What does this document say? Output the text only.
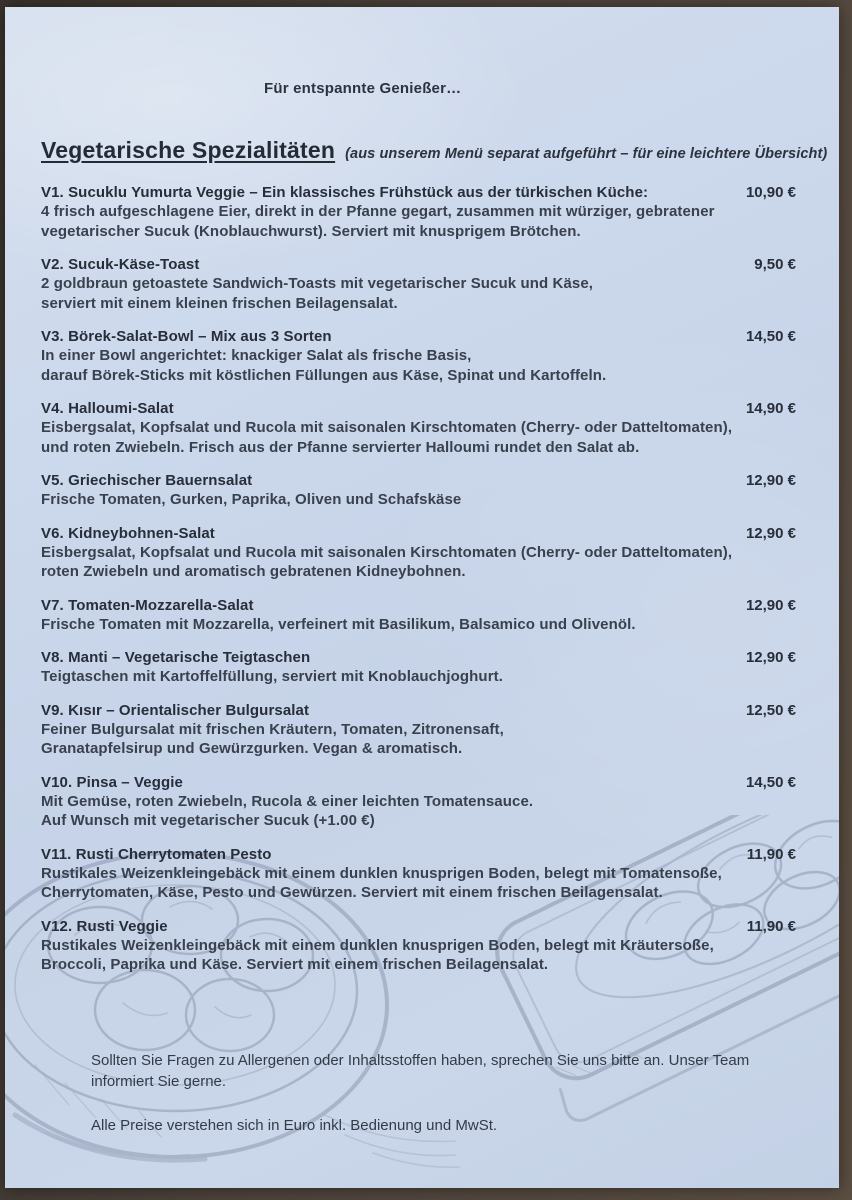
Für entspannte Genießer…
Vegetarische Spezialitäten (aus unserem Menü separat aufgeführt – für eine leichtere Übersicht)
V1. Sucuklu Yumurta Veggie – Ein klassisches Frühstück aus der türkischen Küche:	10,90 €
4 frisch aufgeschlagene Eier, direkt in der Pfanne gegart, zusammen mit würziger, gebratener
vegetarischer Sucuk (Knoblauchwurst). Serviert mit knusprigem Brötchen.
V2. Sucuk-Käse-Toast	9,50 €
2 goldbraun getoastete Sandwich-Toasts mit vegetarischer Sucuk und Käse,
serviert mit einem kleinen frischen Beilagensalat.
V3. Börek-Salat-Bowl – Mix aus 3 Sorten	14,50 €
In einer Bowl angerichtet: knackiger Salat als frische Basis,
darauf Börek-Sticks mit köstlichen Füllungen aus Käse, Spinat und Kartoffeln.
V4. Halloumi-Salat	14,90 €
Eisbergsalat, Kopfsalat und Rucola mit saisonalen Kirschtomaten (Cherry- oder Datteltomaten),
und roten Zwiebeln. Frisch aus der Pfanne servierter Halloumi rundet den Salat ab.
V5. Griechischer Bauernsalat	12,90 €
Frische Tomaten, Gurken, Paprika, Oliven und Schafskäse
V6. Kidneybohnen-Salat	12,90 €
Eisbergsalat, Kopfsalat und Rucola mit saisonalen Kirschtomaten (Cherry- oder Datteltomaten),
roten Zwiebeln und aromatisch gebratenen Kidneybohnen.
V7. Tomaten-Mozzarella-Salat	12,90 €
Frische Tomaten mit Mozzarella, verfeinert mit Basilikum, Balsamico und Olivenöl.
V8. Manti – Vegetarische Teigtaschen	12,90 €
Teigtaschen mit Kartoffelfüllung, serviert mit Knoblauchjoghurt.
V9. Kısır – Orientalischer Bulgursalat	12,50 €
Feiner Bulgursalat mit frischen Kräutern, Tomaten, Zitronensaft,
Granatapfelsirup und Gewürzgurken. Vegan & aromatisch.
V10. Pinsa – Veggie	14,50 €
Mit Gemüse, roten Zwiebeln, Rucola & einer leichten Tomatensauce.
Auf Wunsch mit vegetarischer Sucuk (+1.00 €)
V11. Rusti Cherrytomaten Pesto	11,90 €
Rustikales Weizenkleingebäck mit einem dunklen knusprigen Boden, belegt mit Tomatensoße,
Cherrytomaten, Käse, Pesto und Gewürzen. Serviert mit einem frischen Beilagensalat.
V12. Rusti Veggie	11,90 €
Rustikales Weizenkleingebäck mit einem dunklen knusprigen Boden, belegt mit Kräutersoße,
Broccoli, Paprika und Käse. Serviert mit einem frischen Beilagensalat.
Sollten Sie Fragen zu Allergenen oder Inhaltsstoffen haben, sprechen Sie uns bitte an. Unser Team
informiert Sie gerne.
Alle Preise verstehen sich in Euro inkl. Bedienung und MwSt.
